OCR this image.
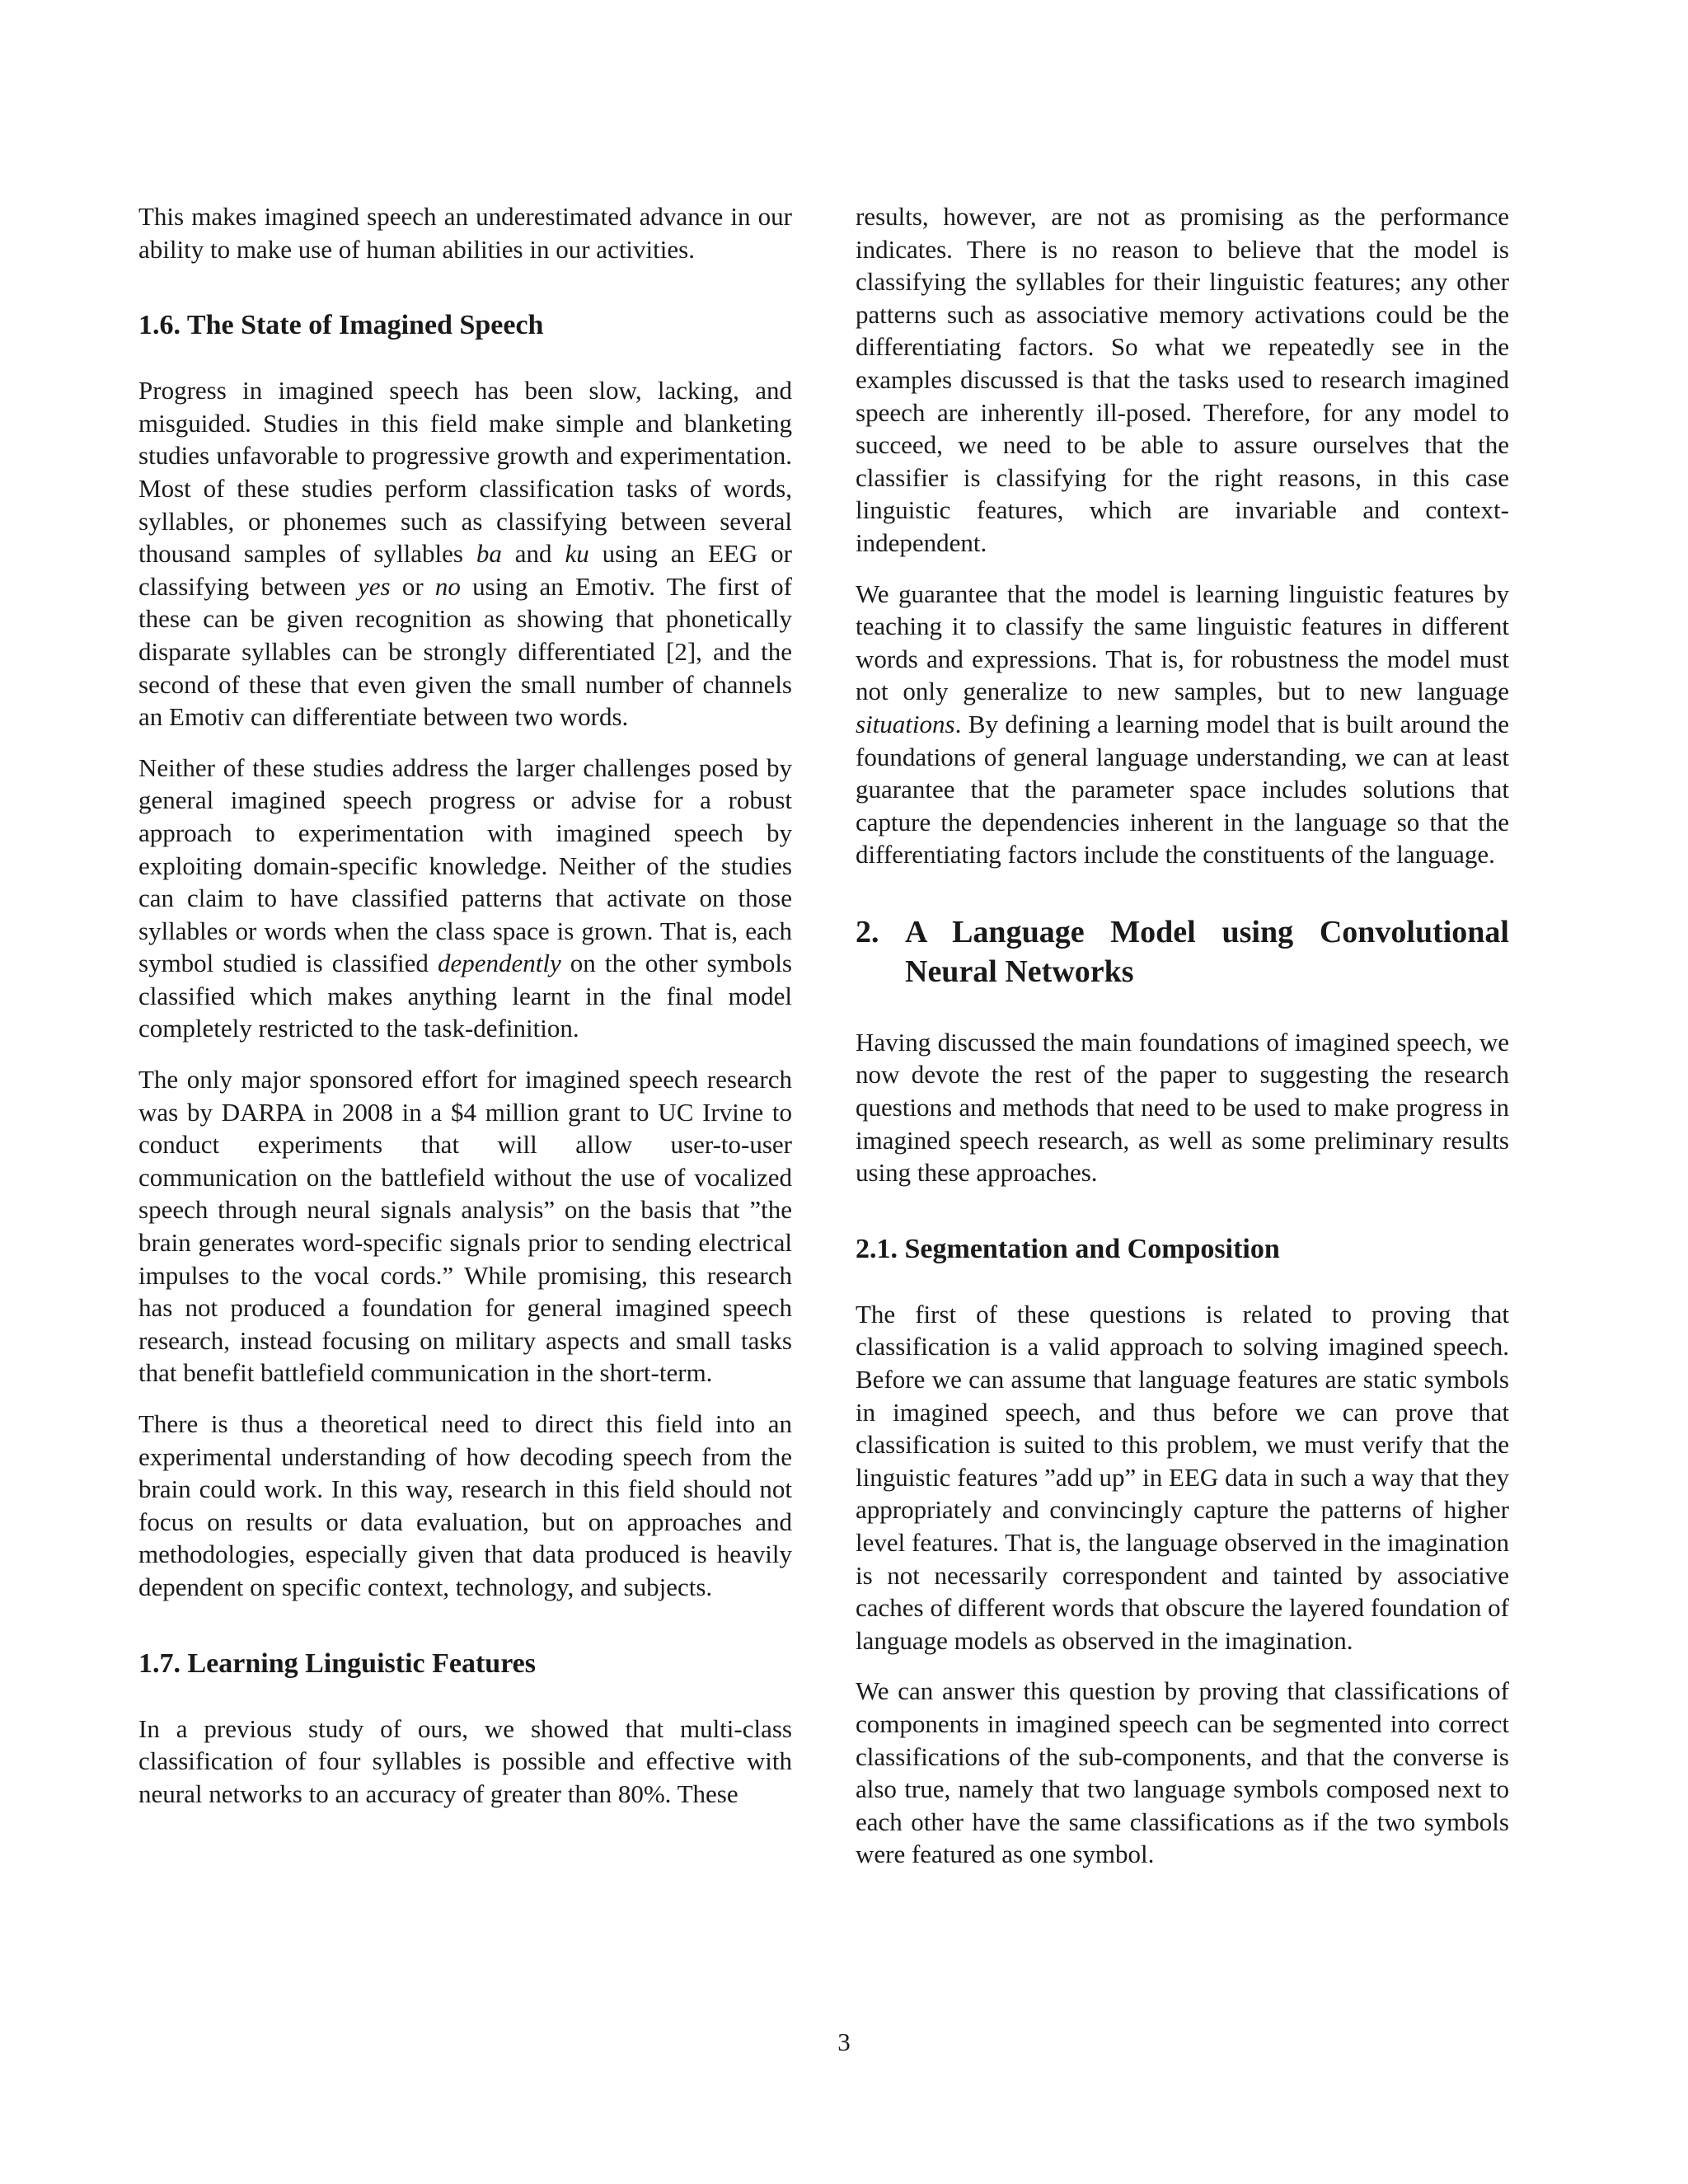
This makes imagined speech an underestimated advance in our ability to make use of human abilities in our activities.

1.6. The State of Imagined Speech

Progress in imagined speech has been slow, lacking, and misguided. Studies in this field make simple and blanketing studies unfavorable to progressive growth and experimentation. Most of these studies perform classification tasks of words, syllables, or phonemes such as classifying between several thousand samples of syllables ba and ku using an EEG or classifying between yes or no using an Emotiv. The first of these can be given recognition as showing that phonetically disparate syllables can be strongly differentiated [2], and the second of these that even given the small number of channels an Emotiv can differentiate between two words.

Neither of these studies address the larger challenges posed by general imagined speech progress or advise for a robust approach to experimentation with imagined speech by exploiting domain-specific knowledge. Neither of the studies can claim to have classified patterns that activate on those syllables or words when the class space is grown. That is, each symbol studied is classified dependently on the other symbols classified which makes anything learnt in the final model completely restricted to the task-definition.

The only major sponsored effort for imagined speech research was by DARPA in 2008 in a $4 million grant to UC Irvine to conduct experiments that will allow user-to-user communication on the battlefield without the use of vocalized speech through neural signals analysis” on the basis that ”the brain generates word-specific signals prior to sending electrical impulses to the vocal cords.” While promising, this research has not produced a foundation for general imagined speech research, instead focusing on military aspects and small tasks that benefit battlefield communication in the short-term.

There is thus a theoretical need to direct this field into an experimental understanding of how decoding speech from the brain could work. In this way, research in this field should not focus on results or data evaluation, but on approaches and methodologies, especially given that data produced is heavily dependent on specific context, technology, and subjects.

1.7. Learning Linguistic Features

In a previous study of ours, we showed that multi-class classification of four syllables is possible and effective with neural networks to an accuracy of greater than 80%. These

results, however, are not as promising as the performance indicates. There is no reason to believe that the model is classifying the syllables for their linguistic features; any other patterns such as associative memory activations could be the differentiating factors. So what we repeatedly see in the examples discussed is that the tasks used to research imagined speech are inherently ill-posed. Therefore, for any model to succeed, we need to be able to assure ourselves that the classifier is classifying for the right reasons, in this case linguistic features, which are invariable and context-independent.

We guarantee that the model is learning linguistic features by teaching it to classify the same linguistic features in different words and expressions. That is, for robustness the model must not only generalize to new samples, but to new language situations. By defining a learning model that is built around the foundations of general language understanding, we can at least guarantee that the parameter space includes solutions that capture the dependencies inherent in the language so that the differentiating factors include the constituents of the language.

2. A Language Model using Convolutional Neural Networks

Having discussed the main foundations of imagined speech, we now devote the rest of the paper to suggesting the research questions and methods that need to be used to make progress in imagined speech research, as well as some preliminary results using these approaches.

2.1. Segmentation and Composition

The first of these questions is related to proving that classification is a valid approach to solving imagined speech. Before we can assume that language features are static symbols in imagined speech, and thus before we can prove that classification is suited to this problem, we must verify that the linguistic features ”add up” in EEG data in such a way that they appropriately and convincingly capture the patterns of higher level features. That is, the language observed in the imagination is not necessarily correspondent and tainted by associative caches of different words that obscure the layered foundation of language models as observed in the imagination.

We can answer this question by proving that classifications of components in imagined speech can be segmented into correct classifications of the sub-components, and that the converse is also true, namely that two language symbols composed next to each other have the same classifications as if the two symbols were featured as one symbol.

3
